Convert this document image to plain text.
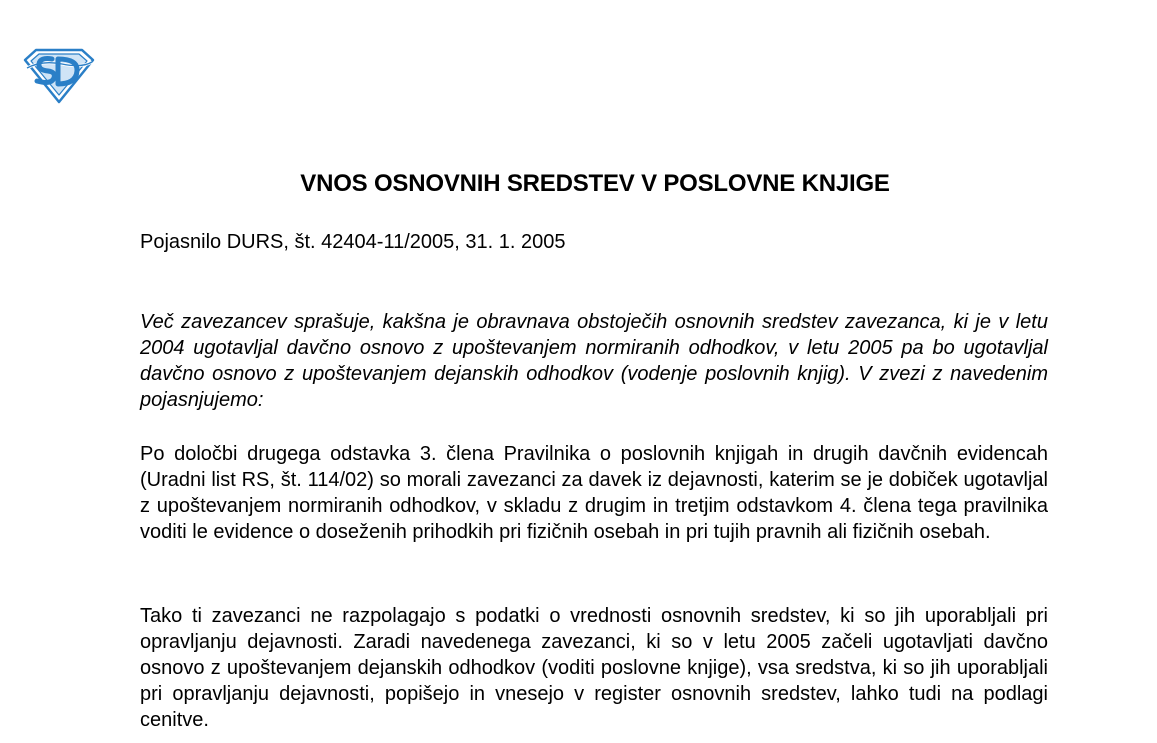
VNOS OSNOVNIH SREDSTEV V POSLOVNE KNJIGE
Pojasnilo DURS, št. 42404-11/2005, 31. 1. 2005

Več zavezancev sprašuje, kakšna je obravnava obstoječih osnovnih sredstev zavezanca, ki je v letu 2004 ugotavljal davčno osnovo z upoštevanjem normiranih odhodkov, v letu 2005 pa bo ugotavljal davčno osnovo z upoštevanjem dejanskih odhodkov (vodenje poslovnih knjig). V zvezi z navedenim pojasnjujemo:

Po določbi drugega odstavka 3. člena Pravilnika o poslovnih knjigah in drugih davčnih evidencah (Uradni list RS, št. 114/02) so morali zavezanci za davek iz dejavnosti, katerim se je dobiček ugotavljal z upoštevanjem normiranih odhodkov, v skladu z drugim in tretjim odstavkom 4. člena tega pravilnika voditi le evidence o doseženih prihodkih pri fizičnih osebah in pri tujih pravnih ali fizičnih osebah.

Tako ti zavezanci ne razpolagajo s podatki o vrednosti osnovnih sredstev, ki so jih uporabljali pri opravljanju dejavnosti. Zaradi navedenega zavezanci, ki so v letu 2005 začeli ugotavljati davčno osnovo z upoštevanjem dejanskih odhodkov (voditi poslovne knjige), vsa sredstva, ki so jih uporabljali pri opravljanju dejavnosti, popišejo in vnesejo v register osnovnih sredstev, lahko tudi na podlagi cenitve.
